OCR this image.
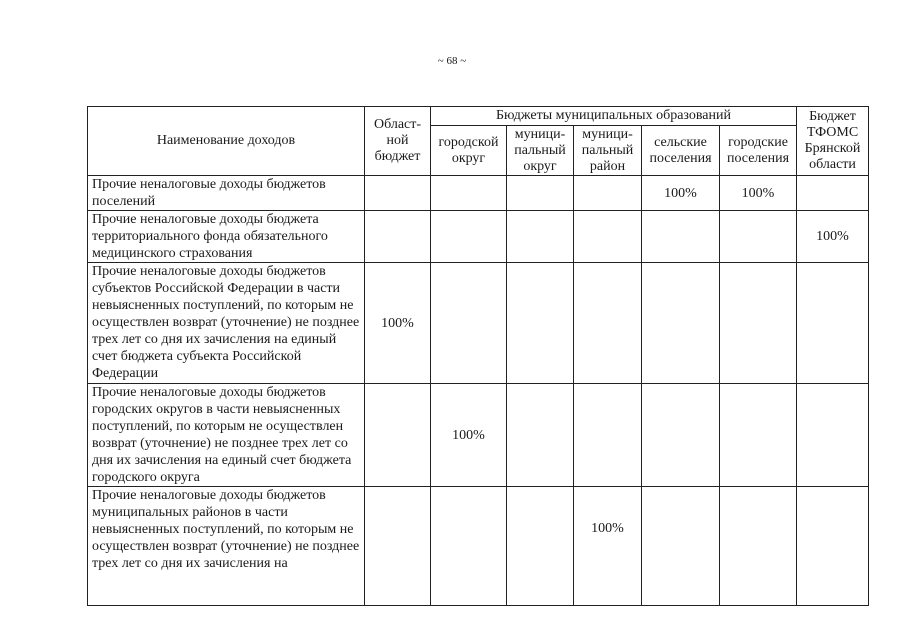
~ 68 ~
Наименование доходов	Област-ной бюджет	Бюджеты муниципальных образований					Бюджет ТФОМС Брянской области
		городской округ	муници-пальный округ	муници-пальный район	сельские поселения	городские поселения	
Прочие неналоговые доходы бюджетов поселений					100%	100%	
Прочие неналоговые доходы бюджета территориального фонда обязательного медицинского страхования							100%
Прочие неналоговые доходы бюджетов субъектов Российской Федерации в части невыясненных поступлений, по которым не осуществлен возврат (уточнение) не позднее трех лет со дня их зачисления на единый счет бюджета субъекта Российской Федерации	100%						
Прочие неналоговые доходы бюджетов городских округов в части невыясненных поступлений, по которым не осуществлен возврат (уточнение) не позднее трех лет со дня их зачисления на единый счет бюджета городского округа		100%					
Прочие неналоговые доходы бюджетов муниципальных районов в части невыясненных поступлений, по которым не осуществлен возврат (уточнение) не позднее трех лет со дня их зачисления на				100%			
